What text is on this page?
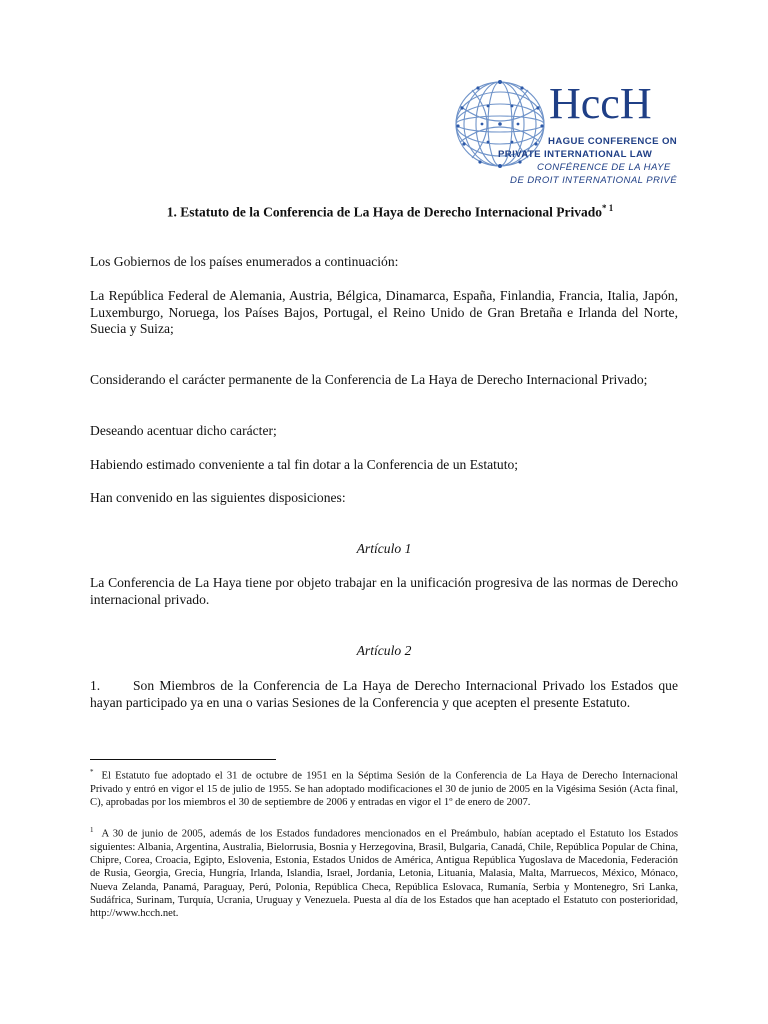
HccH
HAGUE CONFERENCE ON
PRIVATE INTERNATIONAL LAW
CONFÉRENCE DE LA HAYE
DE DROIT INTERNATIONAL PRIVÉ
1. Estatuto de la Conferencia de La Haya de Derecho Internacional Privado$^{* 1}$
Los Gobiernos de los países enumerados a continuación:
La República Federal de Alemania, Austria, Bélgica, Dinamarca, España, Finlandia, Francia, Italia, Japón, Luxemburgo, Noruega, los Países Bajos, Portugal, el Reino Unido de Gran Bretaña e Irlanda del Norte, Suecia y Suiza;
Considerando el carácter permanente de la Conferencia de La Haya de Derecho Internacional Privado;
Deseando acentuar dicho carácter;
Habiendo estimado conveniente a tal fin dotar a la Conferencia de un Estatuto;
Han convenido en las siguientes disposiciones:
Artículo 1
La Conferencia de La Haya tiene por objeto trabajar en la unificación progresiva de las normas de Derecho internacional privado.
Artículo 2
1. Son Miembros de la Conferencia de La Haya de Derecho Internacional Privado los Estados que hayan participado ya en una o varias Sesiones de la Conferencia y que acepten el presente Estatuto.
* El Estatuto fue adoptado el 31 de octubre de 1951 en la Séptima Sesión de la Conferencia de La Haya de Derecho Internacional Privado y entró en vigor el 15 de julio de 1955. Se han adoptado modificaciones el 30 de junio de 2005 en la Vigésima Sesión (Acta final, C), aprobadas por los miembros el 30 de septiembre de 2006 y entradas en vigor el 1º de enero de 2007.
$^1$ A 30 de junio de 2005, además de los Estados fundadores mencionados en el Preámbulo, habían aceptado el Estatuto los Estados siguientes: Albania, Argentina, Australia, Bielorrusia, Bosnia y Herzegovina, Brasil, Bulgaria, Canadá, Chile, República Popular de China, Chipre, Corea, Croacia, Egipto, Eslovenia, Estonia, Estados Unidos de América, Antigua República Yugoslava de Macedonia, Federación de Rusia, Georgia, Grecia, Hungría, Irlanda, Islandia, Israel, Jordania, Letonia, Lituania, Malasia, Malta, Marruecos, México, Mónaco, Nueva Zelanda, Panamá, Paraguay, Perú, Polonia, República Checa, República Eslovaca, Rumanía, Serbia y Montenegro, Sri Lanka, Sudáfrica, Surinam, Turquía, Ucrania, Uruguay y Venezuela. Puesta al día de los Estados que han aceptado el Estatuto con posterioridad, http://www.hcch.net.
